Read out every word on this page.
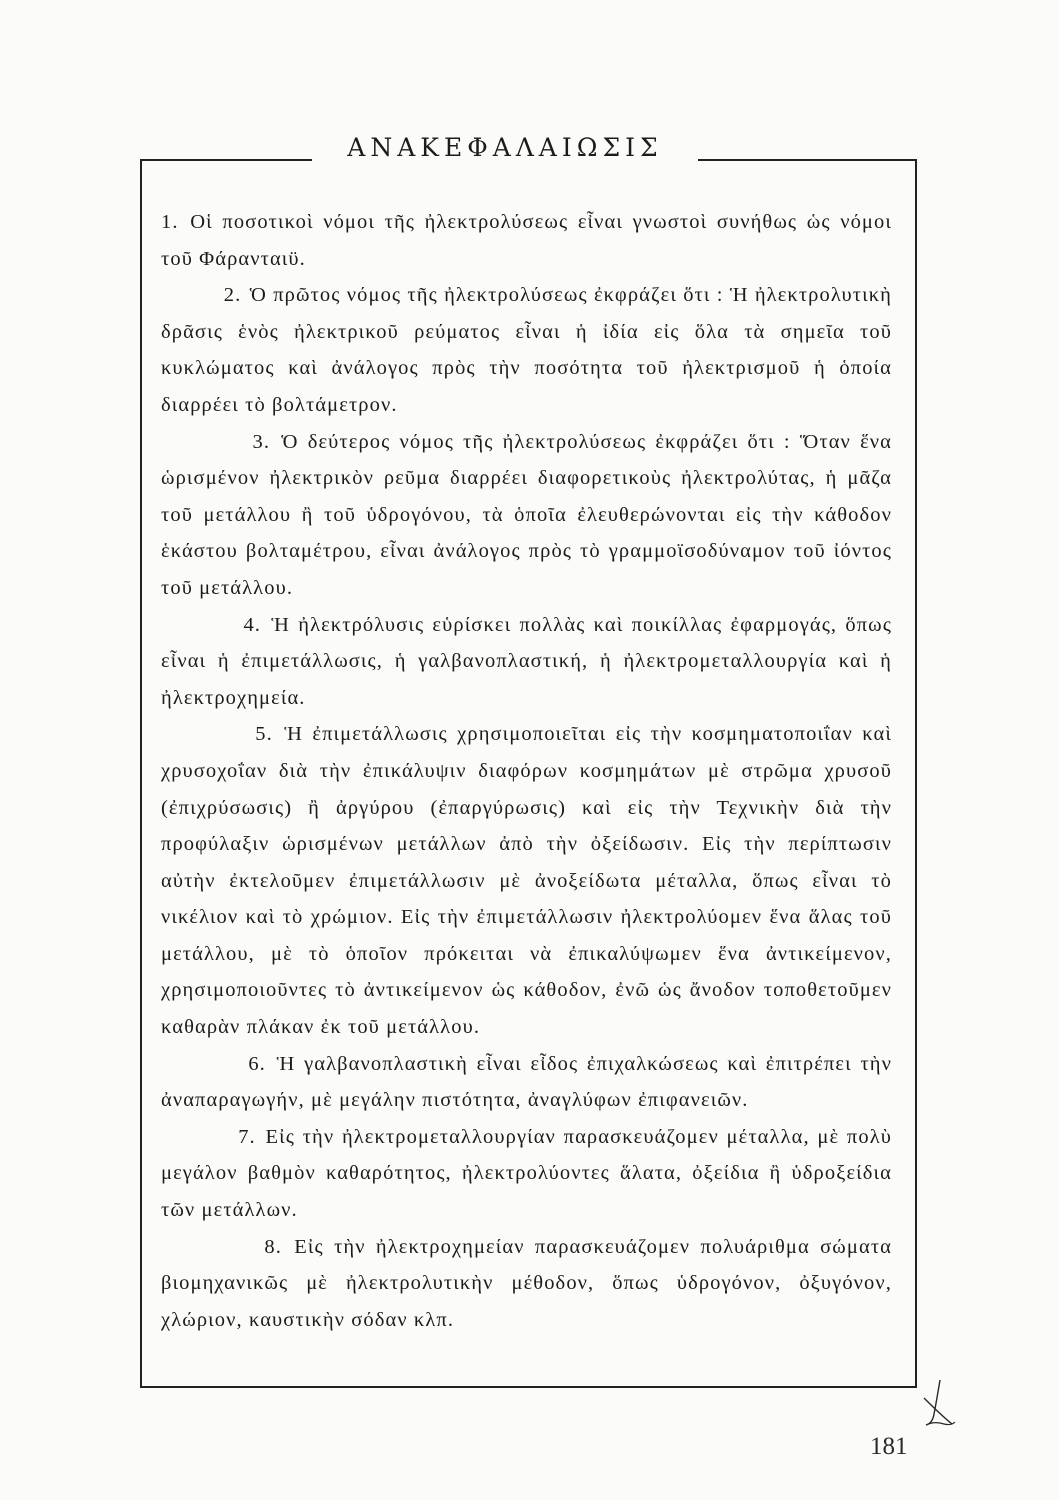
ΑΝΑΚΕΦΑΛΑΙΩΣΙΣ

1. Οἱ ποσοτικοὶ νόμοι τῆς ἠλεκτρολύσεως εἶναι γνωστοὶ συνήθως ὡς νόμοι τοῦ Φάρανταιϋ.

2. Ὁ πρῶτος νόμος τῆς ἠλεκτρολύσεως ἐκφράζει ὅτι : Ἡ ἠλεκτρολυτικὴ δρᾶσις ἑνὸς ἠλεκτρικοῦ ρεύματος εἶναι ἡ ἰδία εἰς ὅλα τὰ σημεῖα τοῦ κυκλώματος καὶ ἀνάλογος πρὸς τὴν ποσότητα τοῦ ἠλεκτρισμοῦ ἡ ὁποία διαρρέει τὸ βολτάμετρον.

3. Ὁ δεύτερος νόμος τῆς ἠλεκτρολύσεως ἐκφράζει ὅτι : Ὅταν ἕνα ὡρισμένον ἠλεκτρικὸν ρεῦμα διαρρέει διαφορετικοὺς ἠλεκτρολύτας, ἡ μᾶζα τοῦ μετάλλου ἢ τοῦ ὑδρογόνου, τὰ ὁποῖα ἐλευθερώνονται εἰς τὴν κάθοδον ἑκάστου βολταμέτρου, εἶναι ἀνάλογος πρὸς τὸ γραμμοϊσοδύναμον τοῦ ἰόντος τοῦ μετάλλου.

4. Ἡ ἠλεκτρόλυσις εὑρίσκει πολλὰς καὶ ποικίλλας ἐφαρμογάς, ὅπως εἶναι ἡ ἐπιμετάλλωσις, ἡ γαλβανοπλαστική, ἡ ἠλεκτρομεταλλουργία καὶ ἡ ἠλεκτροχημεία.

5. Ἡ ἐπιμετάλλωσις χρησιμοποιεῖται εἰς τὴν κοσμηματοποιΐαν καὶ χρυσοχοΐαν διὰ τὴν ἐπικάλυψιν διαφόρων κοσμημάτων μὲ στρῶμα χρυσοῦ (ἐπιχρύσωσις) ἢ ἀργύρου (ἐπαργύρωσις) καὶ εἰς τὴν Τεχνικὴν διὰ τὴν προφύλαξιν ὡρισμένων μετάλλων ἀπὸ τὴν ὀξείδωσιν. Εἰς τὴν περίπτωσιν αὐτὴν ἐκτελοῦμεν ἐπιμετάλλωσιν μὲ ἀνοξείδωτα μέταλλα, ὅπως εἶναι τὸ νικέλιον καὶ τὸ χρώμιον. Εἰς τὴν ἐπιμετάλλωσιν ἠλεκτρολύομεν ἕνα ἅλας τοῦ μετάλλου, μὲ τὸ ὁποῖον πρόκειται νὰ ἐπικαλύψωμεν ἕνα ἀντικείμενον, χρησιμοποιοῦντες τὸ ἀντικείμενον ὡς κάθοδον, ἐνῶ ὡς ἄνοδον τοποθετοῦμεν καθαρὰν πλάκαν ἐκ τοῦ μετάλλου.

6. Ἡ γαλβανοπλαστικὴ εἶναι εἶδος ἐπιχαλκώσεως καὶ ἐπιτρέπει τὴν ἀναπαραγωγήν, μὲ μεγάλην πιστότητα, ἀναγλύφων ἐπιφανειῶν.

7. Εἰς τὴν ἠλεκτρομεταλλουργίαν παρασκευάζομεν μέταλλα, μὲ πολὺ μεγάλον βαθμὸν καθαρότητος, ἠλεκτρολύοντες ἅλατα, ὀξείδια ἢ ὑδροξείδια τῶν μετάλλων.

8. Εἰς τὴν ἠλεκτροχημείαν παρασκευάζομεν πολυάριθμα σώματα βιομηχανικῶς μὲ ἠλεκτρολυτικὴν μέθοδον, ὅπως ὑδρογόνον, ὀξυγόνον, χλώριον, καυστικὴν σόδαν κλπ.

181
